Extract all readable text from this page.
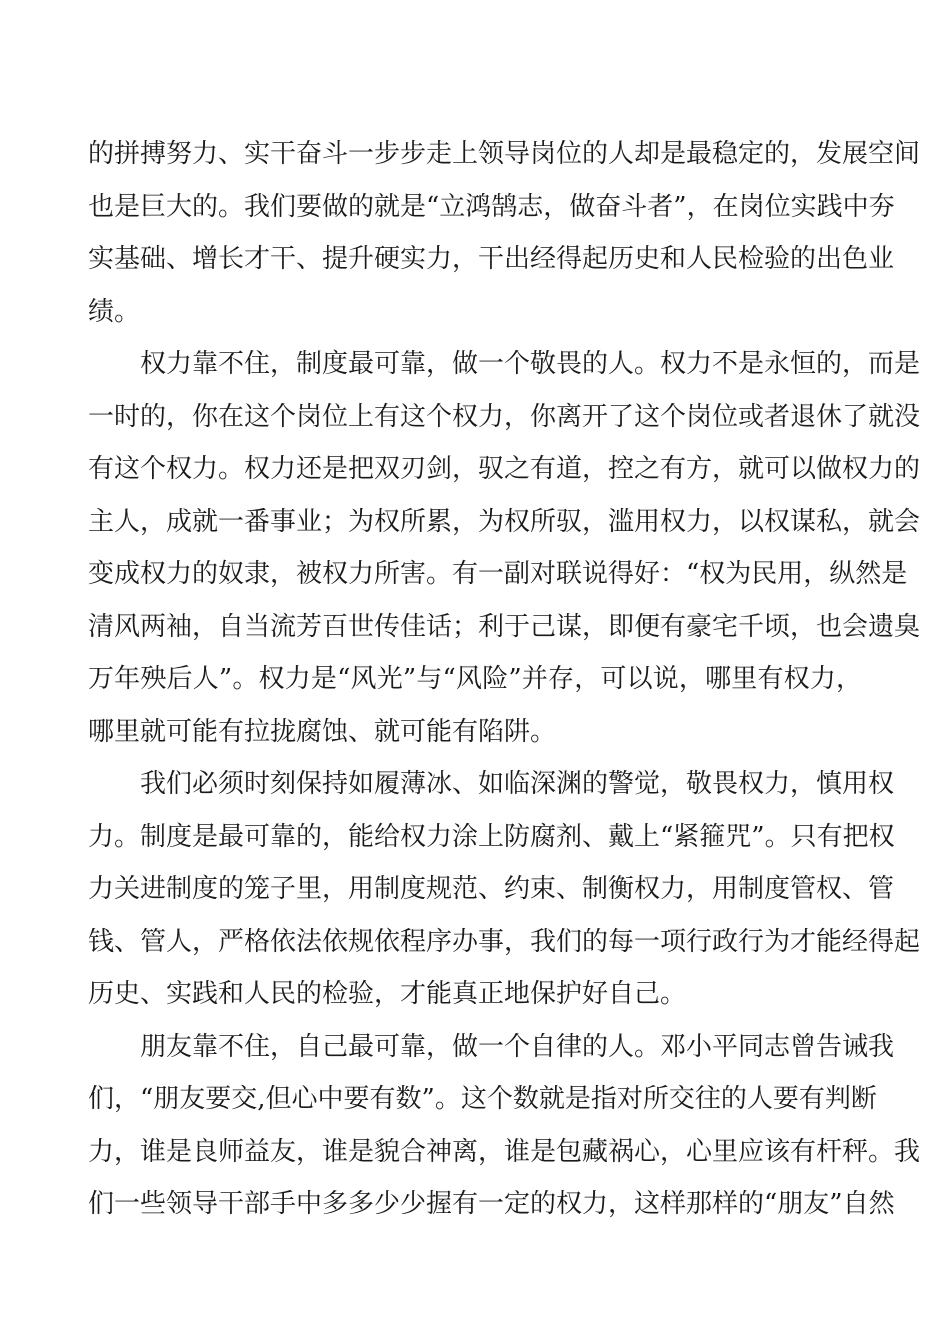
的拼搏努力、实干奋斗一步步走上领导岗位的人却是最稳定的，发展空间
也是巨大的。我们要做的就是“立鸿鹄志，做奋斗者”，在岗位实践中夯
实基础、增长才干、提升硬实力，干出经得起历史和人民检验的出色业
绩。
权力靠不住，制度最可靠，做一个敬畏的人。权力不是永恒的，而是
一时的，你在这个岗位上有这个权力，你离开了这个岗位或者退休了就没
有这个权力。权力还是把双刃剑，驭之有道，控之有方，就可以做权力的
主人，成就一番事业；为权所累，为权所驭，滥用权力，以权谋私，就会
变成权力的奴隶，被权力所害。有一副对联说得好：“权为民用，纵然是
清风两袖，自当流芳百世传佳话；利于己谋，即便有豪宅千顷，也会遗臭
万年殃后人”。权力是“风光”与“风险”并存，可以说，哪里有权力，
哪里就可能有拉拢腐蚀、就可能有陷阱。
我们必须时刻保持如履薄冰、如临深渊的警觉，敬畏权力，慎用权
力。制度是最可靠的，能给权力涂上防腐剂、戴上“紧箍咒”。只有把权
力关进制度的笼子里，用制度规范、约束、制衡权力，用制度管权、管
钱、管人，严格依法依规依程序办事，我们的每一项行政行为才能经得起
历史、实践和人民的检验，才能真正地保护好自己。
朋友靠不住，自己最可靠，做一个自律的人。邓小平同志曾告诫我
们，“朋友要交,但心中要有数”。这个数就是指对所交往的人要有判断
力，谁是良师益友，谁是貌合神离，谁是包藏祸心，心里应该有杆秤。我
们一些领导干部手中多多少少握有一定的权力，这样那样的“朋友”自然
